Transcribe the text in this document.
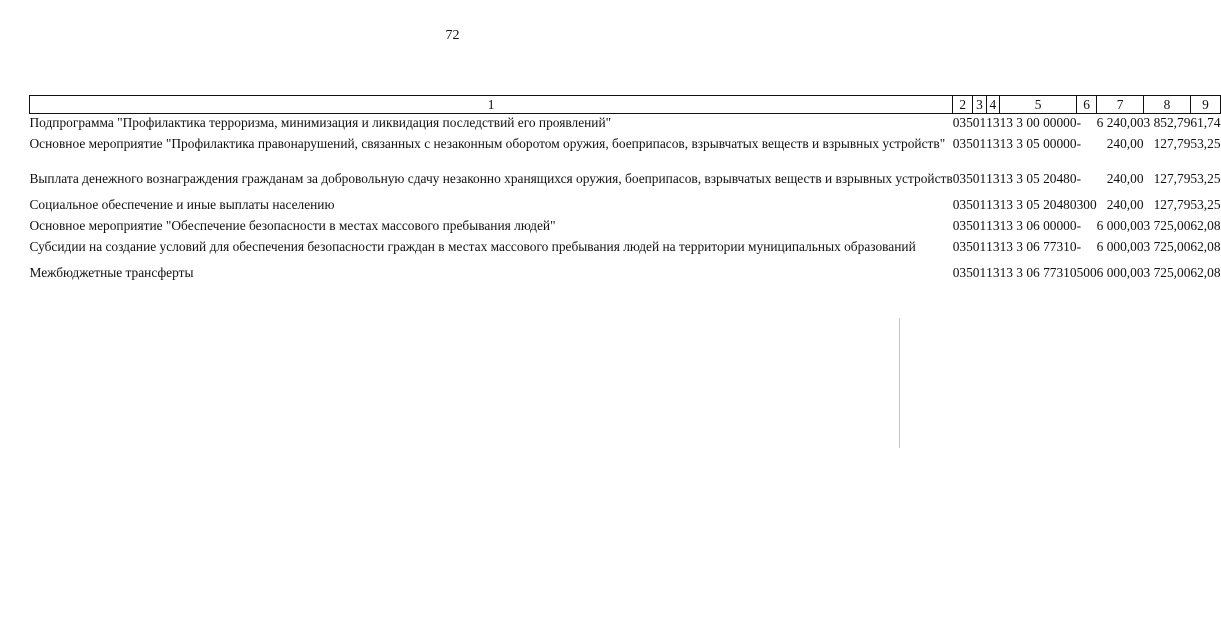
72
1	2	3	4	5	6	7	8	9
Подпрограмма "Профилактика терроризма, минимизация и ликвидация последствий его проявлений"	035	01	13	13 3 00 00000	-	6 240,00	3 852,79	61,74
Основное мероприятие "Профилактика правонарушений, связанных с незаконным оборотом оружия, боеприпасов, взрывчатых веществ и взрывных устройств"	035	01	13	13 3 05 00000	-	240,00	127,79	53,25
Выплата денежного вознаграждения гражданам за добровольную сдачу незаконно хранящихся оружия, боеприпасов, взрывчатых веществ и взрывных устройств	035	01	13	13 3 05 20480	-	240,00	127,79	53,25
Социальное обеспечение и иные выплаты населению	035	01	13	13 3 05 20480	300	240,00	127,79	53,25
Основное мероприятие "Обеспечение безопасности в местах массового пребывания людей"	035	01	13	13 3 06 00000	-	6 000,00	3 725,00	62,08
Субсидии на создание условий для обеспечения безопасности граждан в местах массового пребывания людей на территории муниципальных образований	035	01	13	13 3 06 77310	-	6 000,00	3 725,00	62,08
Межбюджетные трансферты	035	01	13	13 3 06 77310	500	6 000,00	3 725,00	62,08
